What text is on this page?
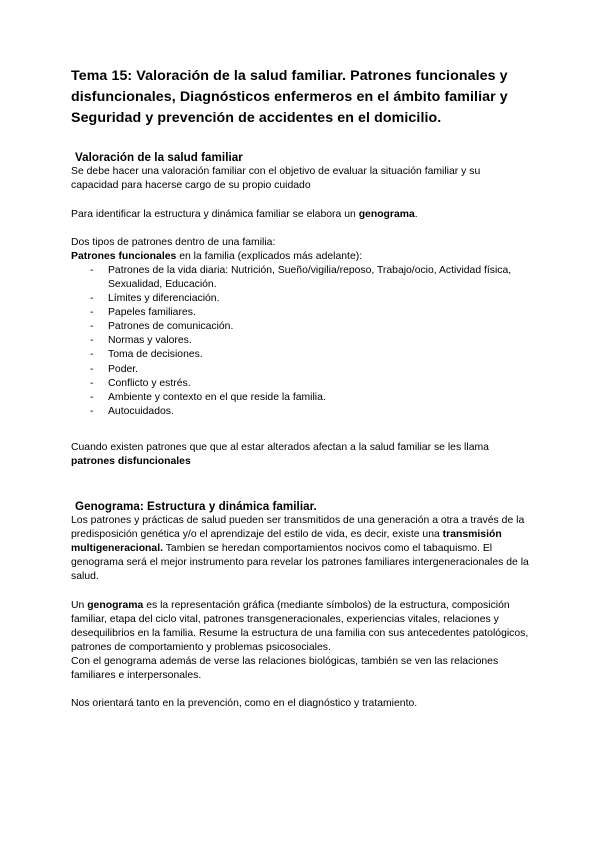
Tema 15: Valoración de la salud familiar. Patrones funcionales y disfuncionales, Diagnósticos enfermeros en el ámbito familiar y Seguridad y prevención de accidentes en el domicilio.
Valoración de la salud familiar

Se debe hacer una valoración familiar con el objetivo de evaluar la situación familiar y su capacidad para hacerse cargo de su propio cuidado

Para identificar la estructura y dinámica familiar se elabora un genograma.

Dos tipos de patrones dentro de una familia:

Patrones funcionales en la familia (explicados más adelante):

- Patrones de la vida diaria: Nutrición, Sueño/vigilia/reposo, Trabajo/ocio, Actividad física, Sexualidad, Educación.
- Límites y diferenciación.
- Papeles familiares.
- Patrones de comunicación.
- Normas y valores.
- Toma de decisiones.
- Poder.
- Conflicto y estrés.
- Ambiente y contexto en el que reside la familia.
- Autocuidados.

Cuando existen patrones que que al estar alterados afectan a la salud familiar se les llama patrones disfuncionales

Genograma: Estructura y dinámica familiar.

Los patrones y prácticas de salud pueden ser transmitidos de una generación a otra a través de la predisposición genética y/o el aprendizaje del estilo de vida, es decir, existe una transmisión multigeneracional. Tambien se heredan comportamientos nocivos como el tabaquismo. El genograma será el mejor instrumento para revelar los patrones familiares intergeneracionales de la salud.

Un genograma es la representación gráfica (mediante símbolos) de la estructura, composición familiar, etapa del ciclo vital, patrones transgeneracionales, experiencias vitales, relaciones y desequilibrios en la familia. Resume la estructura de una familia con sus antecedentes patológicos, patrones de comportamiento y problemas psicosociales.

Con el genograma además de verse las relaciones biológicas, también se ven las relaciones familiares e interpersonales.

Nos orientará tanto en la prevención, como en el diagnóstico y tratamiento.
